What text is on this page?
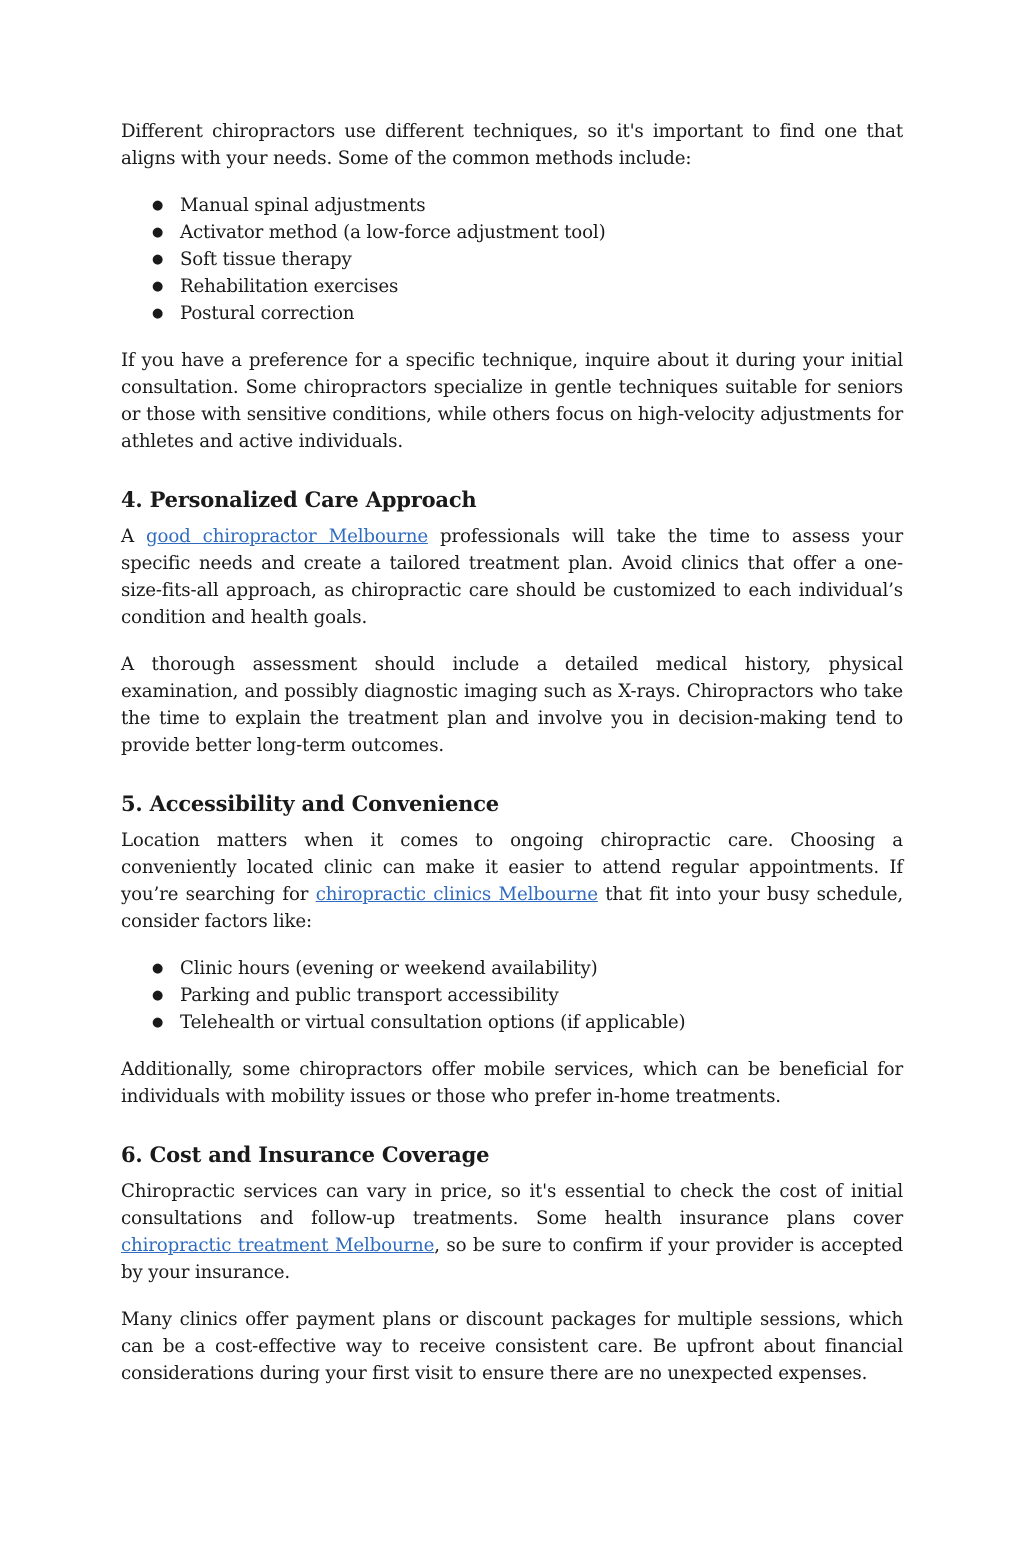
Different chiropractors use different techniques, so it's important to find one that aligns with your needs. Some of the common methods include:

● Manual spinal adjustments
● Activator method (a low-force adjustment tool)
● Soft tissue therapy
● Rehabilitation exercises
● Postural correction

If you have a preference for a specific technique, inquire about it during your initial consultation. Some chiropractors specialize in gentle techniques suitable for seniors or those with sensitive conditions, while others focus on high-velocity adjustments for athletes and active individuals.

4. Personalized Care Approach

A good chiropractor Melbourne professionals will take the time to assess your specific needs and create a tailored treatment plan. Avoid clinics that offer a one-size-fits-all approach, as chiropractic care should be customized to each individual’s condition and health goals.

A thorough assessment should include a detailed medical history, physical examination, and possibly diagnostic imaging such as X-rays. Chiropractors who take the time to explain the treatment plan and involve you in decision-making tend to provide better long-term outcomes.

5. Accessibility and Convenience

Location matters when it comes to ongoing chiropractic care. Choosing a conveniently located clinic can make it easier to attend regular appointments. If you’re searching for chiropractic clinics Melbourne that fit into your busy schedule, consider factors like:

● Clinic hours (evening or weekend availability)
● Parking and public transport accessibility
● Telehealth or virtual consultation options (if applicable)

Additionally, some chiropractors offer mobile services, which can be beneficial for individuals with mobility issues or those who prefer in-home treatments.

6. Cost and Insurance Coverage

Chiropractic services can vary in price, so it's essential to check the cost of initial consultations and follow-up treatments. Some health insurance plans cover chiropractic treatment Melbourne, so be sure to confirm if your provider is accepted by your insurance.

Many clinics offer payment plans or discount packages for multiple sessions, which can be a cost-effective way to receive consistent care. Be upfront about financial considerations during your first visit to ensure there are no unexpected expenses.
